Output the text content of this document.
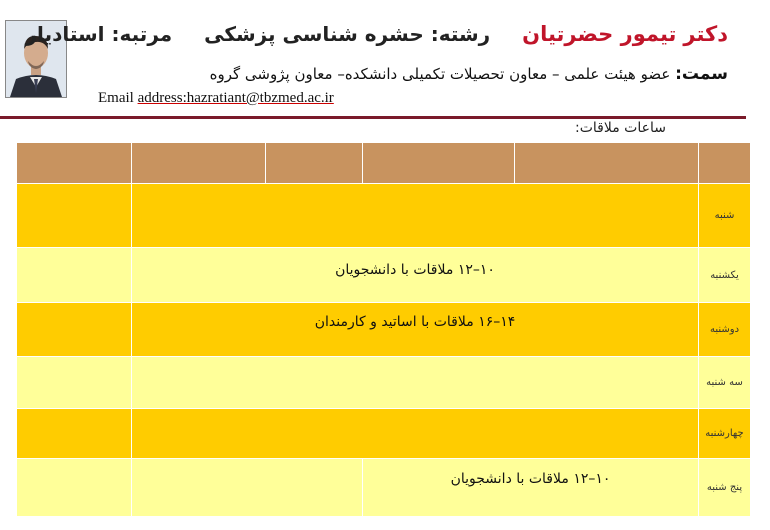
دکتر تیمور حضرتیان  رشته: حشره شناسی پزشکی  مرتبه: استادیار
سمت: عضو هیئت علمی – معاون تحصیلات تکمیلی دانشکده– معاون پژوشی گروه
Email address:hazratiant@tbzmed.ac.ir
ساعات ملاقات:

					شنبه
	۱۰–۱۲ ملاقات با دانشجویان				یکشنبه
	۱۴–۱۶ ملاقات با اساتید و کارمندان				دوشنبه
					سه شنبه
					چهارشنبه
			۱۰–۱۲ ملاقات با دانشجویان		پنج شنبه
